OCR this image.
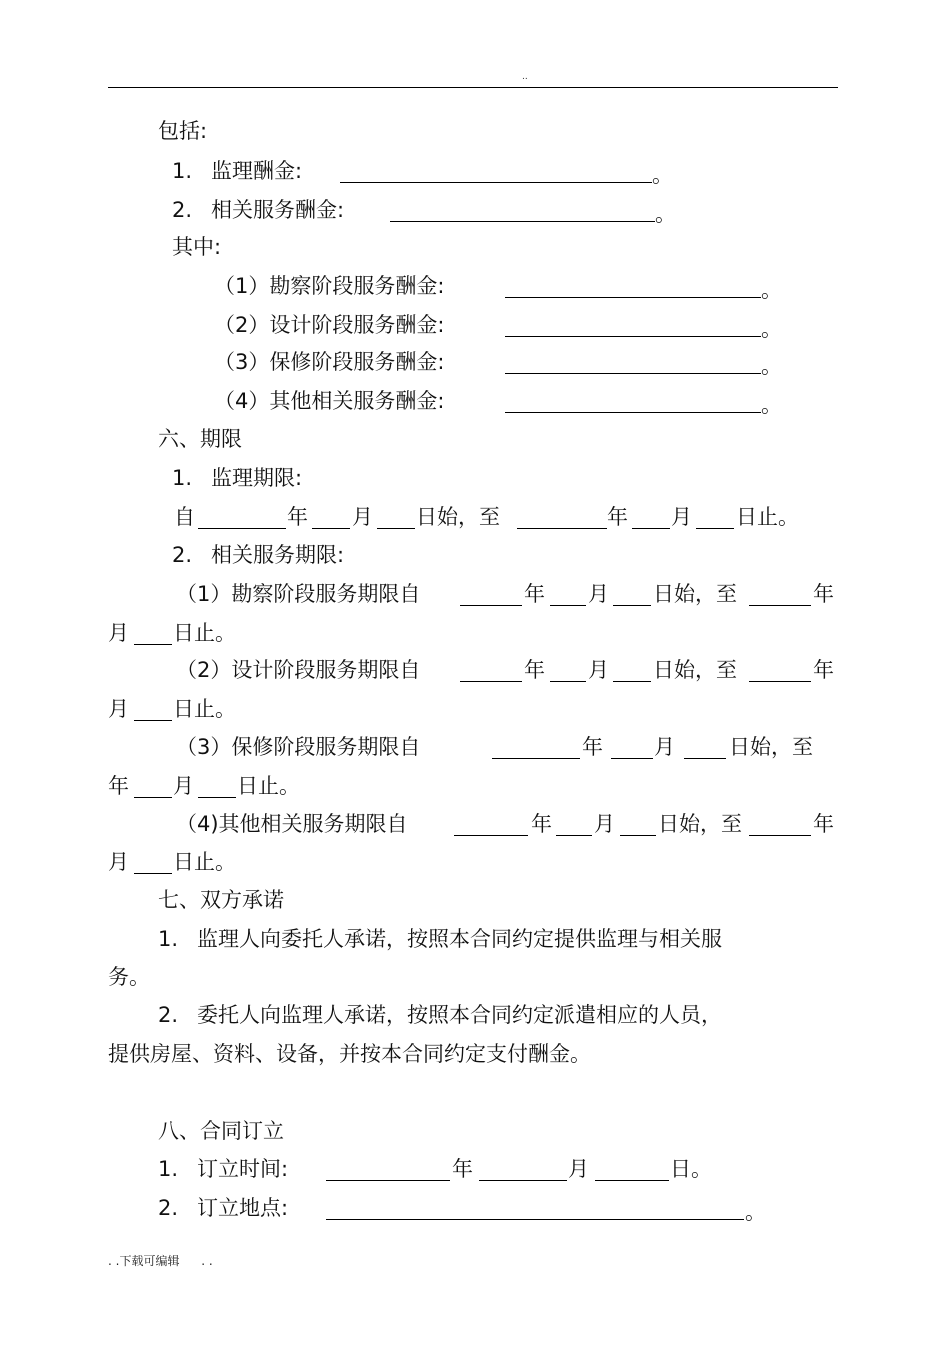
..
包括:
1. 监理酬金:	。
2. 相关服务酬金:	。
其中:
（1）勘察阶段服务酬金:	。
（2）设计阶段服务酬金:	。
（3）保修阶段服务酬金:	。
（4）其他相关服务酬金:	。
六、期限
1. 监理期限:
自	年 月 日始，至	年 月 日止。
2. 相关服务期限:
（1）勘察阶段服务期限自	年 月 日始，至	年
月 日止。
（2）设计阶段服务期限自	年 月 日始，至	年
月 日止。
（3）保修阶段服务期限自	年 月	日始，至
年 月 日止。
（4)其他相关服务期限自	年 月 日始，至	年
月 日止。
七、双方承诺
1. 监理人向委托人承诺，按照本合同约定提供监理与相关服
务。
2. 委托人向监理人承诺，按照本合同约定派遣相应的人员，
提供房屋、资料、设备，并按本合同约定支付酬金。
八、合同订立
1. 订立时间:	年	月	日。
2. 订立地点:	。
. .下载可编辑 . .
